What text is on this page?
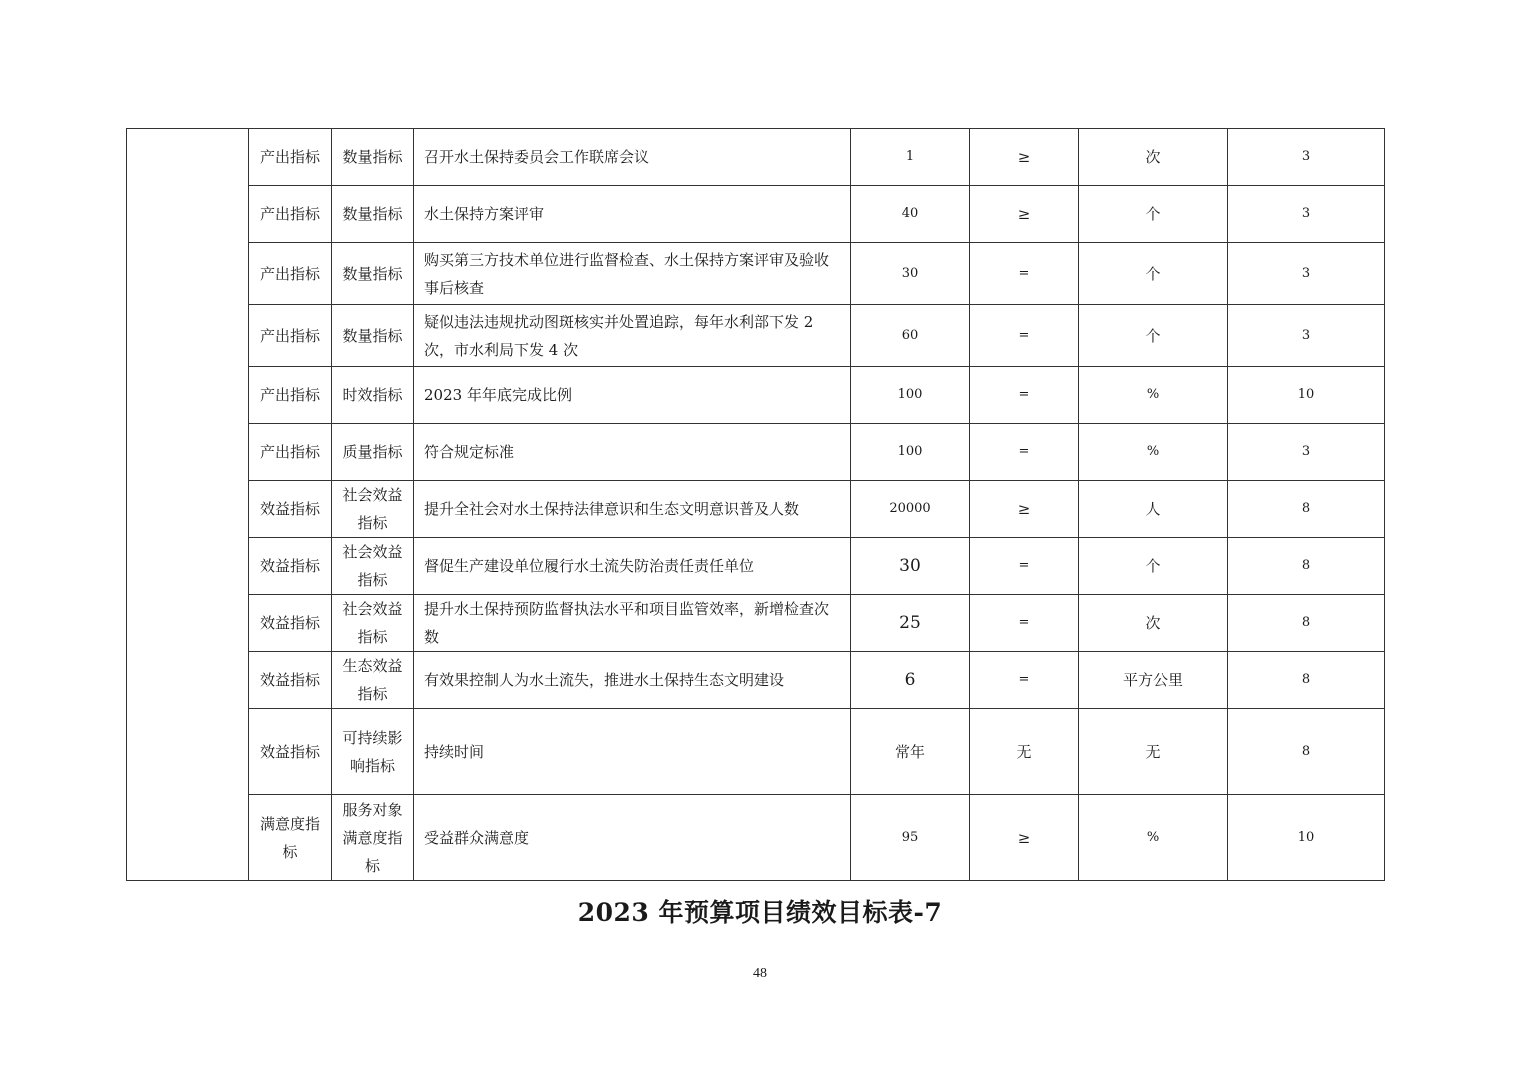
	产出指标	数量指标	召开水土保持委员会工作联席会议	1	≥	次	3

	产出指标	数量指标	水土保持方案评审	40	≥	个	3

	产出指标	数量指标	购买第三方技术单位进行监督检查、水土保持方案评审及验收事后核查	30	=	个	3

	产出指标	数量指标	疑似违法违规扰动图斑核实并处置追踪，每年水利部下发 2 次，市水利局下发 4 次	60	=	个	3

	产出指标	时效指标	2023 年年底完成比例	100	=	%	10

	产出指标	质量指标	符合规定标准	100	=	%	3

	效益指标	社会效益指标	提升全社会对水土保持法律意识和生态文明意识普及人数	20000	≥	人	8

	效益指标	社会效益指标	督促生产建设单位履行水土流失防治责任责任单位	30	=	个	8

	效益指标	社会效益指标	提升水土保持预防监督执法水平和项目监管效率，新增检查次数	25	=	次	8

	效益指标	生态效益指标	有效果控制人为水土流失，推进水土保持生态文明建设	6	=	平方公里	8

	效益指标	可持续影响指标	持续时间	常年	无	无	8

	满意度指标	服务对象满意度指标	受益群众满意度	95	≥	%	10
2023 年预算项目绩效目标表-7
48
